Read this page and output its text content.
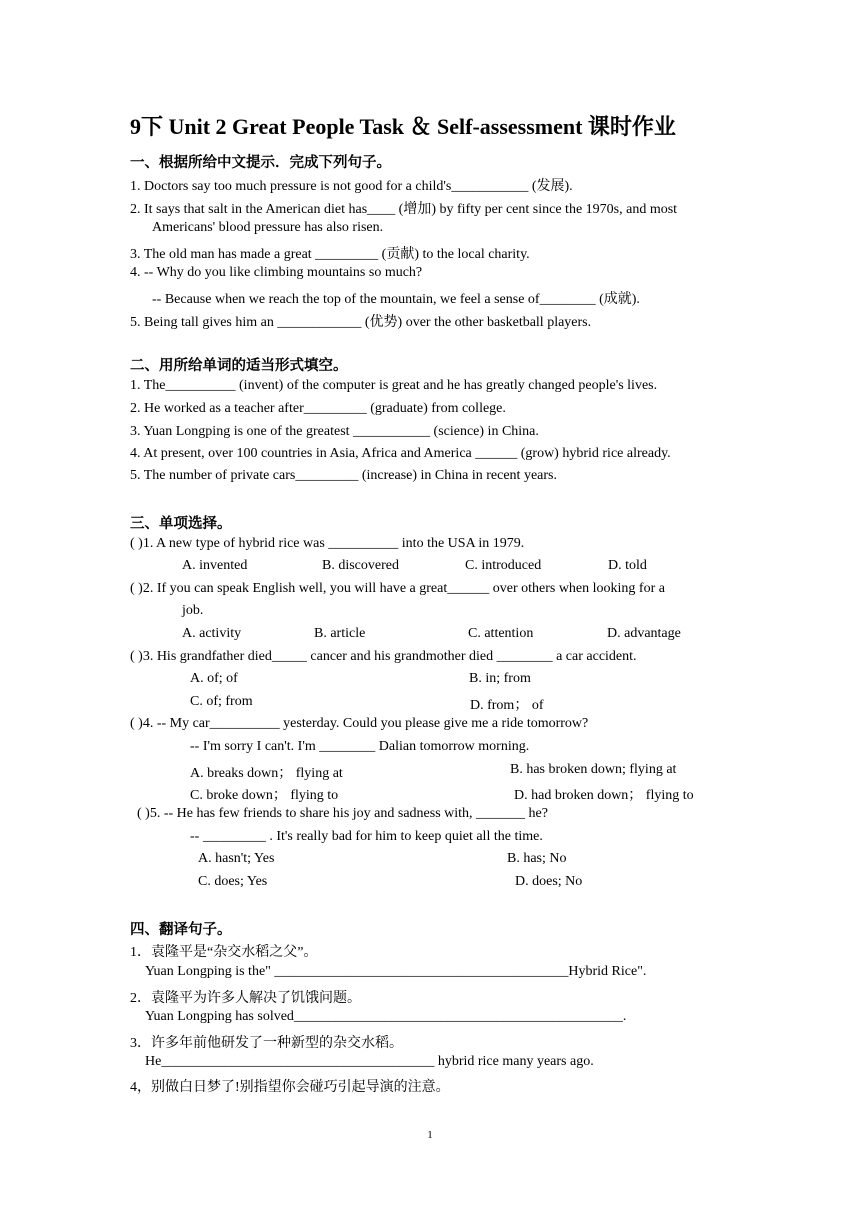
9下 Unit 2 Great People Task ＆ Self-assessment 课时作业
一、根据所给中文提示．完成下列句子。
1. Doctors say too much pressure is not good for a child's___________ (发展).
2. It says that salt in the American diet has____ (增加) by fifty per cent since the 1970s, and most
Americans' blood pressure has also risen.
3. The old man has made a great _________ (贡献) to the local charity.
4. -- Why do you like climbing mountains so much?
-- Because when we reach the top of the mountain, we feel a sense of________ (成就).
5. Being tall gives him an ____________ (优势) over the other basketball players.
二、用所给单词的适当形式填空。
1. The__________ (invent) of the computer is great and he has greatly changed people's lives.
2. He worked as a teacher after_________ (graduate) from college.
3. Yuan Longping is one of the greatest ___________ (science) in China.
4. At present, over 100 countries in Asia, Africa and America ______ (grow) hybrid rice already.
5. The number of private cars_________ (increase) in China in recent years.
三、单项选择。
( )1. A new type of hybrid rice was __________ into the USA in 1979.
A. invented	B. discovered	C. introduced	D. told
( )2. If you can speak English well, you will have a great______ over others when looking for a
job.
A. activity	B. article	C. attention	D. advantage
( )3. His grandfather died_____ cancer and his grandmother died ________ a car accident.
A. of; of	B. in; from
C. of; from	D. from； of
( )4. -- My car__________ yesterday. Could you please give me a ride tomorrow?
-- I'm sorry I can't. I'm ________ Dalian tomorrow morning.
A. breaks down； flying at	B. has broken down; flying at
C. broke down； flying to	D. had broken down； flying to
( )5. -- He has few friends to share his joy and sadness with, _______ he?
-- _________ . It's really bad for him to keep quiet all the time.
A. hasn't; Yes	B. has; No
C. does; Yes	D. does; No
四、翻译句子。
1．袁隆平是“杂交水稻之父”。
Yuan Longping is the" __________________________________________Hybrid Rice".
2．袁隆平为许多人解决了饥饿问题。
Yuan Longping has solved_______________________________________________.
3．许多年前他研发了一种新型的杂交水稻。
He_______________________________________ hybrid rice many years ago.
4，别做白日梦了!别指望你会碰巧引起导演的注意。
1
